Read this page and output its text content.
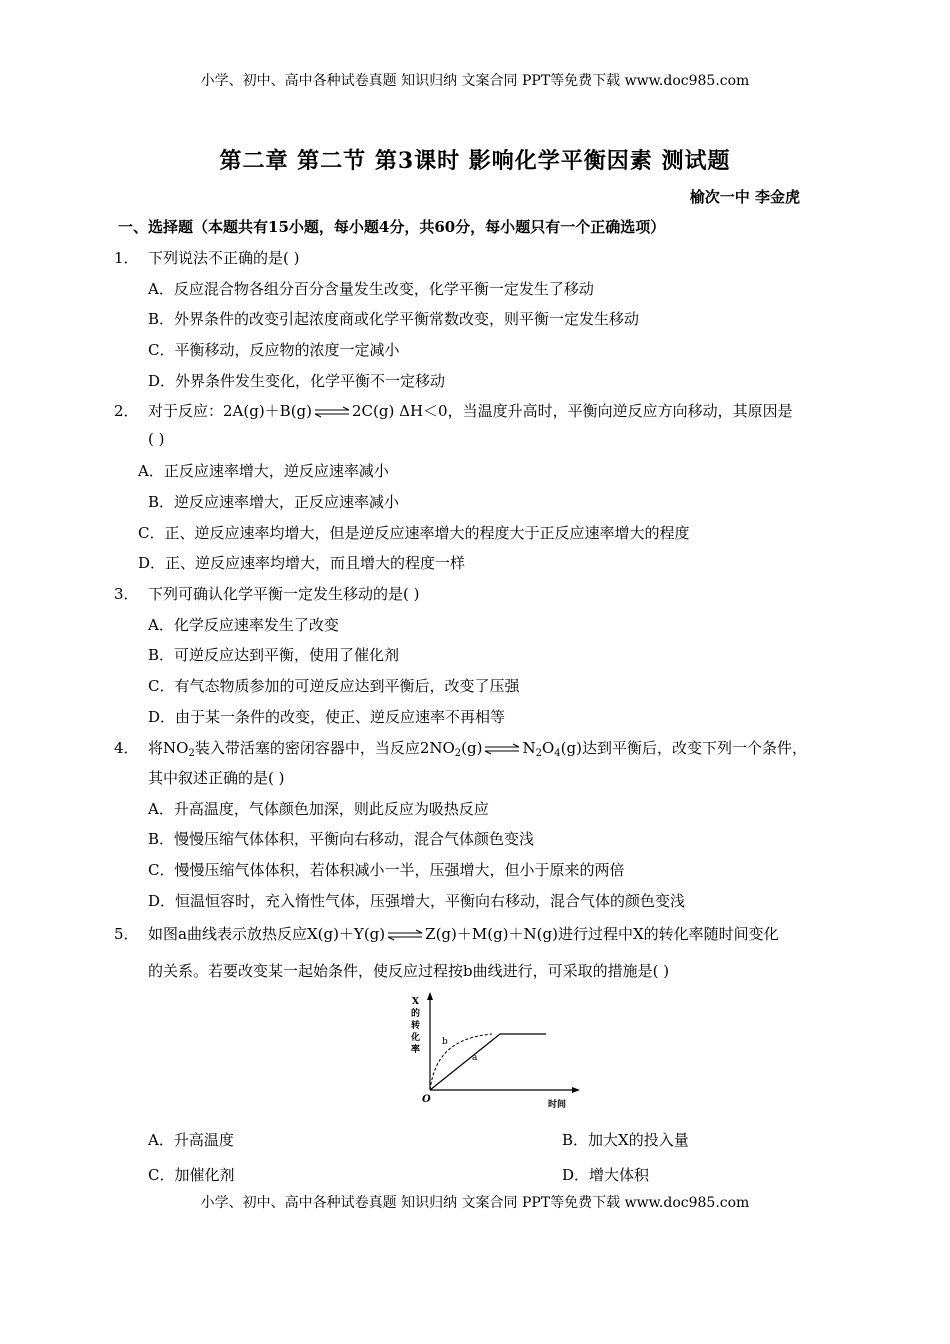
小学、初中、高中各种试卷真题 知识归纳 文案合同 PPT等免费下载 www.doc985.com
第二章 第二节 第3课时 影响化学平衡因素 测试题
榆次一中 李金虎
一、选择题（本题共有15小题，每小题4分，共60分，每小题只有一个正确选项）
1． 下列说法不正确的是( )
A．反应混合物各组分百分含量发生改变，化学平衡一定发生了移动
B．外界条件的改变引起浓度商或化学平衡常数改变，则平衡一定发生移动
C．平衡移动，反应物的浓度一定减小
D．外界条件发生变化，化学平衡不一定移动
2． 对于反应：2A(g)＋B(g)⇌2C(g) ΔH＜0，当温度升高时，平衡向逆反应方向移动，其原因是
( )
A．正反应速率增大，逆反应速率减小
B．逆反应速率增大，正反应速率减小
C．正、逆反应速率均增大，但是逆反应速率增大的程度大于正反应速率增大的程度
D．正、逆反应速率均增大，而且增大的程度一样
3． 下列可确认化学平衡一定发生移动的是( )
A．化学反应速率发生了改变
B．可逆反应达到平衡，使用了催化剂
C．有气态物质参加的可逆反应达到平衡后，改变了压强
D．由于某一条件的改变，使正、逆反应速率不再相等
4． 将$NO_2$装入带活塞的密闭容器中，当反应$2NO_2(g)\rightleftharpoons N_2O_4(g)$达到平衡后，改变下列一个条件，
其中叙述正确的是( )
A．升高温度，气体颜色加深，则此反应为吸热反应
B．慢慢压缩气体体积，平衡向右移动，混合气体颜色变浅
C．慢慢压缩气体体积，若体积减小一半，压强增大，但小于原来的两倍
D．恒温恒容时，充入惰性气体，压强增大，平衡向右移动，混合气体的颜色变浅
5． 如图a曲线表示放热反应X(g)＋Y(g)⇌Z(g)＋M(g)＋N(g)进行过程中X的转化率随时间变化
的关系。若要改变某一起始条件，使反应过程按b曲线进行，可采取的措施是( )
X
的
转
化
率
b
a
O	时间
A．升高温度	B．加大X的投入量
C．加催化剂	D．增大体积
小学、初中、高中各种试卷真题 知识归纳 文案合同 PPT等免费下载 www.doc985.com
